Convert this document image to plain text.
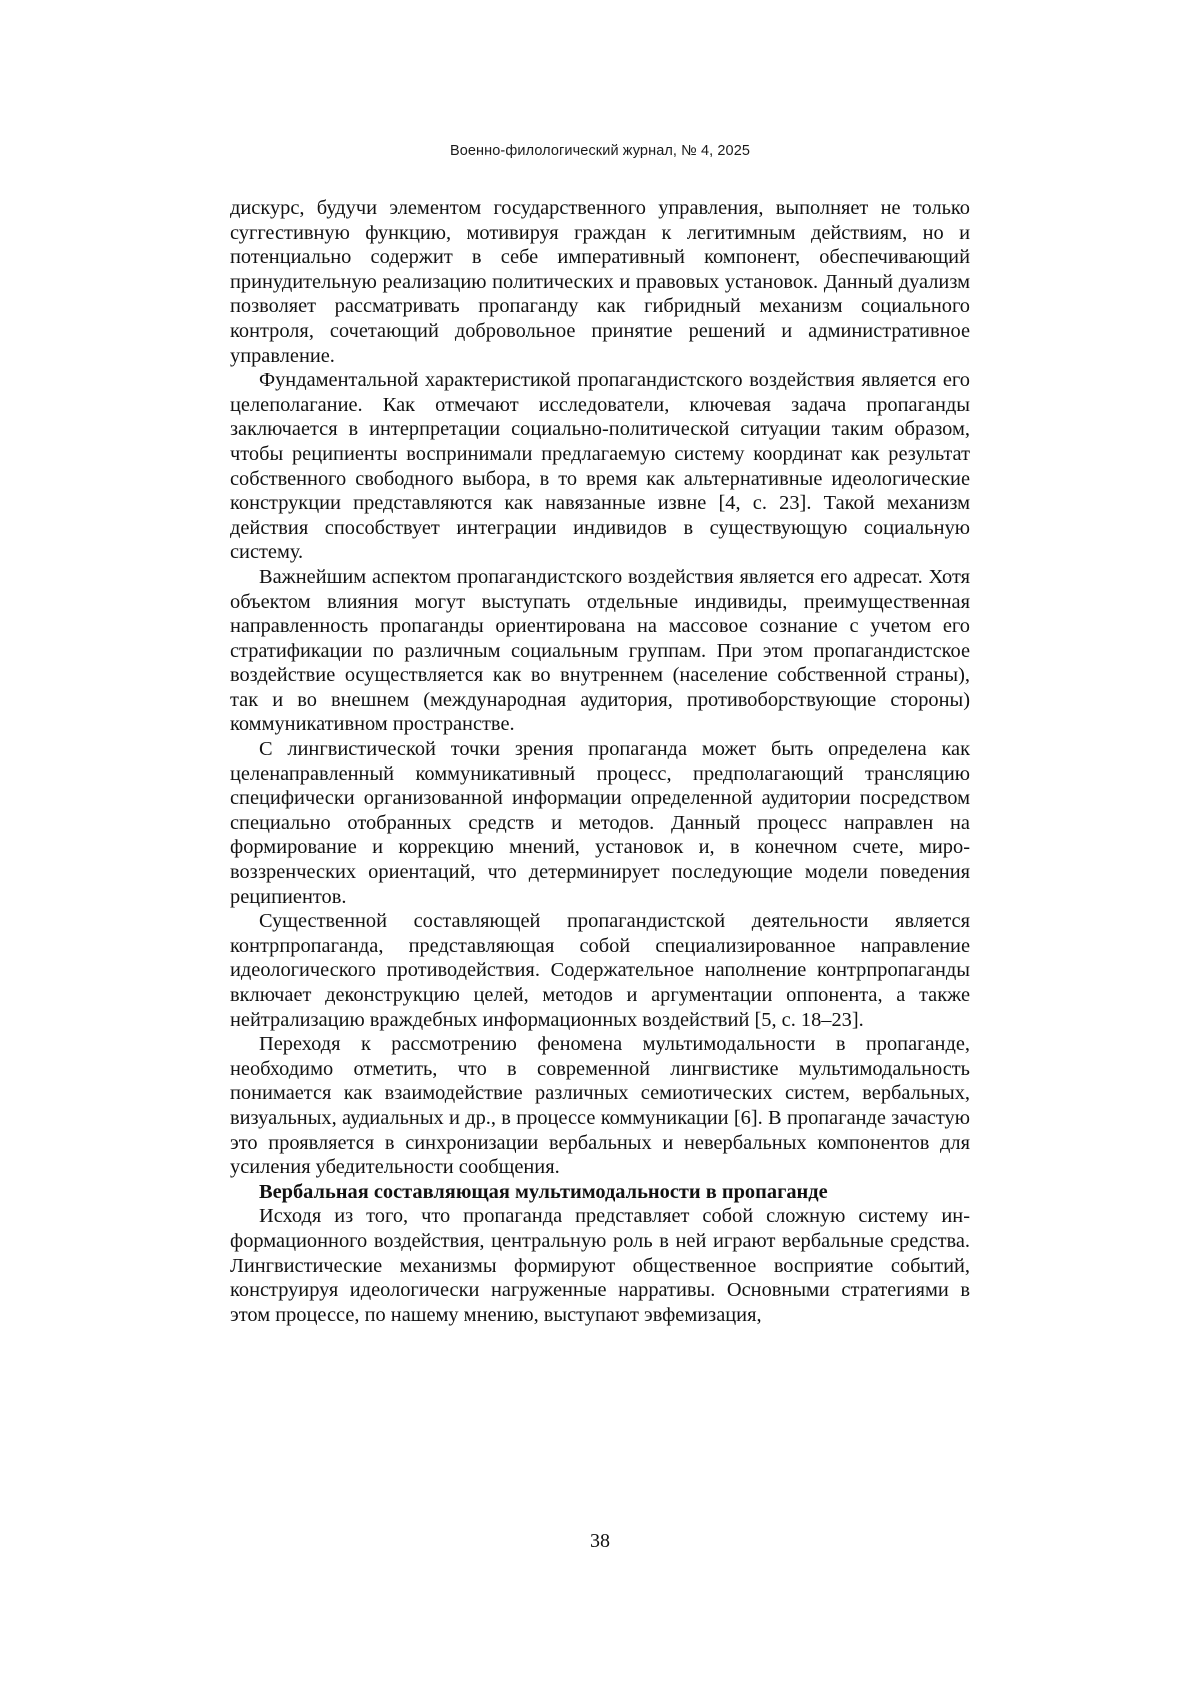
Военно-филологический журнал, № 4, 2025

дискурс, будучи элементом государственного управления, выполняет не только суггестивную функцию, мотивируя граждан к легитимным действиям, но и потенциально содержит в себе императивный компонент, обеспечивающий принудительную реализацию политических и правовых установок. Данный дуализм позволяет рассматривать пропаганду как гибридный механизм социального контроля, сочетающий добровольное принятие решений и административное управление.

Фундаментальной характеристикой пропагандистского воздействия является его целеполагание. Как отмечают исследователи, ключевая задача пропаганды заключается в интерпретации социально-политической ситуации таким образом, чтобы реципиенты воспринимали предлагаемую систему координат как результат собственного свободного выбора, в то время как альтернативные идеологические конструкции представляются как навязанные извне [4, с. 23]. Такой механизм действия способствует интеграции индивидов в существующую социальную систему.

Важнейшим аспектом пропагандистского воздействия является его адресат. Хотя объектом влияния могут выступать отдельные индивиды, преимущественная направленность пропаганды ориентирована на массовое сознание с учетом его стратификации по различным социальным группам. При этом пропагандистское воздействие осуществляется как во внутреннем (население собственной страны), так и во внешнем (международная аудитория, противоборствующие стороны) коммуникативном пространстве.

С лингвистической точки зрения пропаганда может быть определена как целенаправленный коммуникативный процесс, предполагающий трансляцию специфически организованной информации определенной аудитории посредством специально отобранных средств и методов. Данный процесс направлен на формирование и коррекцию мнений, установок и, в конечном счете, мировоззренческих ориентаций, что детерминирует последующие модели поведения реципиентов.

Существенной составляющей пропагандистской деятельности является контрпропаганда, представляющая собой специализированное направление идеологического противодействия. Содержательное наполнение контрпропаганды включает деконструкцию целей, методов и аргументации оппонента, а также нейтрализацию враждебных информационных воздействий [5, с. 18–23].

Переходя к рассмотрению феномена мультимодальности в пропаганде, необходимо отметить, что в современной лингвистике мультимодальность понимается как взаимодействие различных семиотических систем, вербальных, визуальных, аудиальных и др., в процессе коммуникации [6]. В пропаганде зачастую это проявляется в синхронизации вербальных и невербальных компонентов для усиления убедительности сообщения.

Вербальная составляющая мультимодальности в пропаганде

Исходя из того, что пропаганда представляет собой сложную систему информационного воздействия, центральную роль в ней играют вербальные средства. Лингвистические механизмы формируют общественное восприятие событий, конструируя идеологически нагруженные нарративы. Основными стратегиями в этом процессе, по нашему мнению, выступают эвфемизация,

38
